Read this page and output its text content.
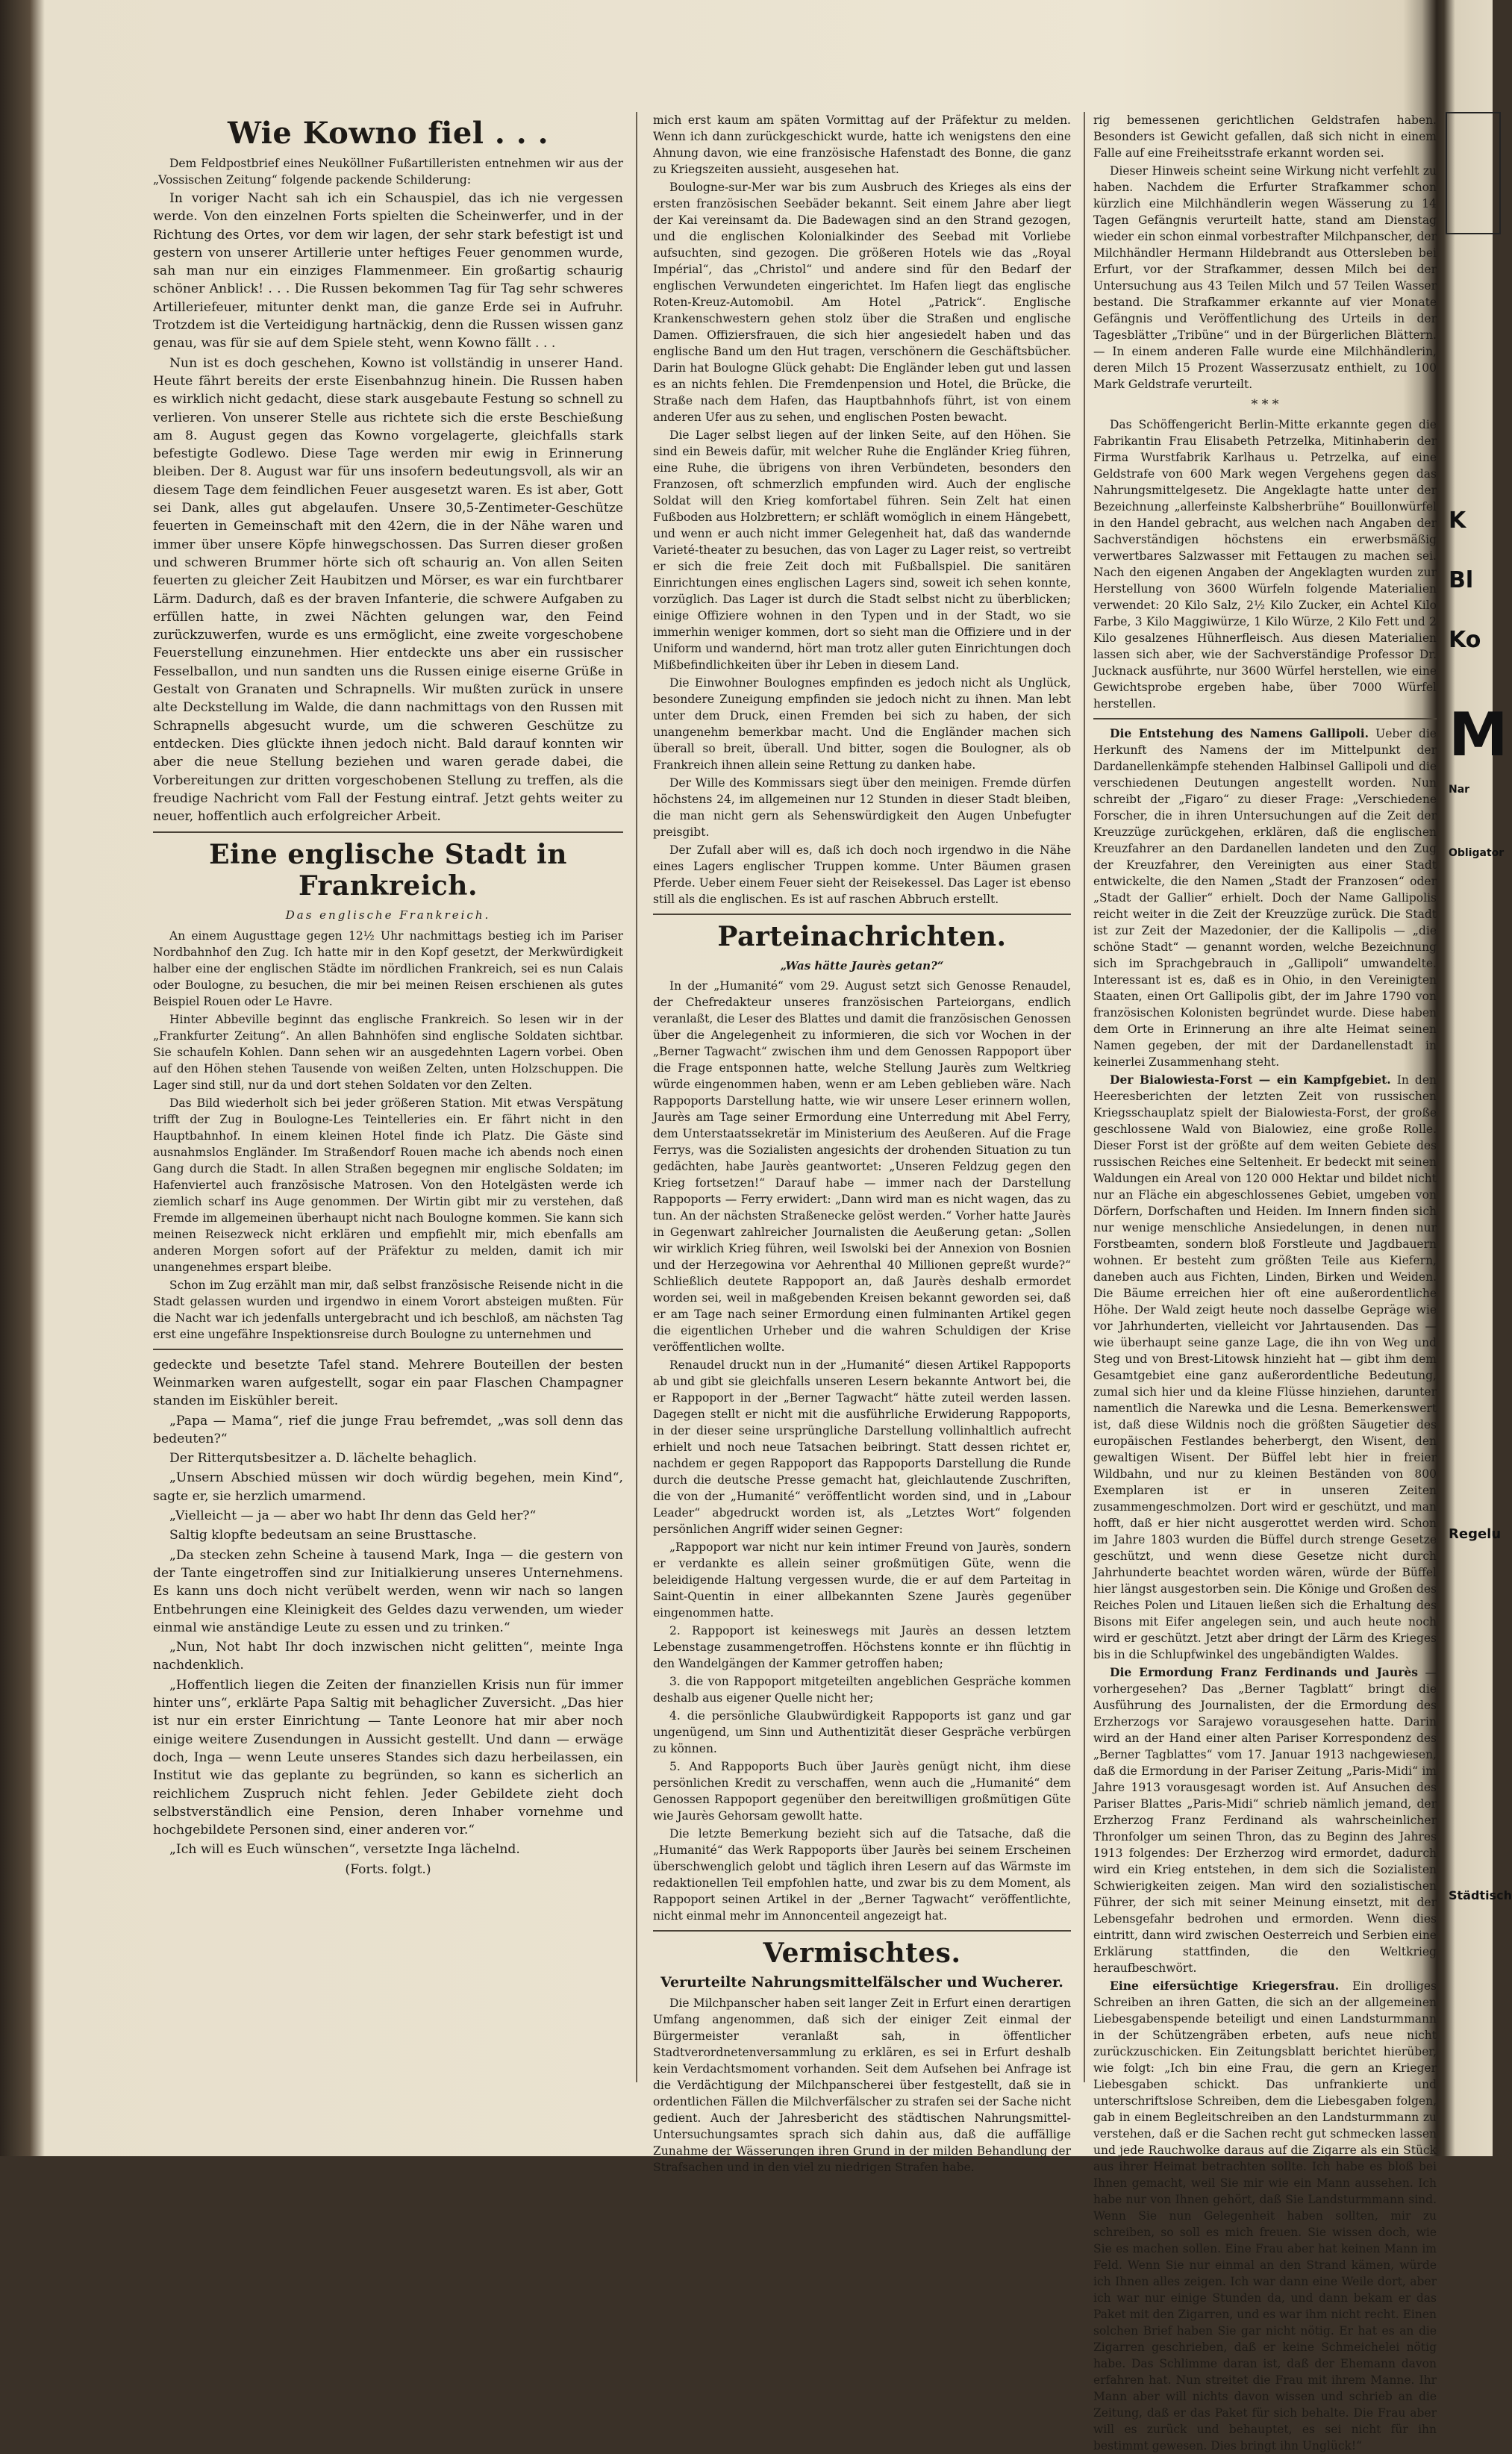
Wie Kowno fiel . . .

Dem Feldpostbrief eines Neuköllner Fußartilleristen entnehmen wir aus der „Vossischen Zeitung“ folgende packende Schilderung:

In voriger Nacht sah ich ein Schauspiel, das ich nie vergessen werde. Von den einzelnen Forts spielten die Scheinwerfer, und in der Richtung des Ortes, vor dem wir lagen, der sehr stark befestigt ist und gestern von unserer Artillerie unter heftiges Feuer genommen wurde, sah man nur ein einziges Flammenmeer. Ein großartig schaurig schöner Anblick! . . . Die Russen bekommen Tag für Tag sehr schweres Artilleriefeuer, mitunter denkt man, die ganze Erde sei in Aufruhr. Trotzdem ist die Verteidigung hartnäckig, denn die Russen wissen ganz genau, was für sie auf dem Spiele steht, wenn Kowno fällt . . .

Nun ist es doch geschehen, Kowno ist vollständig in unserer Hand. Heute fährt bereits der erste Eisenbahnzug hinein. Die Russen haben es wirklich nicht gedacht, diese stark ausgebaute Festung so schnell zu verlieren. Von unserer Stelle aus richtete sich die erste Beschießung am 8. August gegen das Kowno vorgelagerte, gleichfalls stark befestigte Godlewo. Diese Tage werden mir ewig in Erinnerung bleiben. Der 8. August war für uns insofern bedeutungsvoll, als wir an diesem Tage dem feindlichen Feuer ausgesetzt waren. Es ist aber, Gott sei Dank, alles gut abgelaufen. Unsere 30,5-Zentimeter-Geschütze feuerten in Gemeinschaft mit den 42ern, die in der Nähe waren und immer über unsere Köpfe hinwegschossen. Das Surren dieser großen und schweren Brummer hörte sich oft schaurig an. Von allen Seiten feuerten zu gleicher Zeit Haubitzen und Mörser, es war ein furchtbarer Lärm. Dadurch, daß es der braven Infanterie, die schwere Aufgaben zu erfüllen hatte, in zwei Nächten gelungen war, den Feind zurückzuwerfen, wurde es uns ermöglicht, eine zweite vorgeschobene Feuerstellung einzunehmen. Hier entdeckte uns aber ein russischer Fesselballon, und nun sandten uns die Russen einige eiserne Grüße in Gestalt von Granaten und Schrapnells. Wir mußten zurück in unsere alte Deckstellung im Walde, die dann nachmittags von den Russen mit Schrapnells abgesucht wurde, um die schweren Geschütze zu entdecken. Dies glückte ihnen jedoch nicht. Bald darauf konnten wir aber die neue Stellung beziehen und waren gerade dabei, die Vorbereitungen zur dritten vorgeschobenen Stellung zu treffen, als die freudige Nachricht vom Fall der Festung eintraf. Jetzt gehts weiter zu neuer, hoffentlich auch erfolgreicher Arbeit.

Eine englische Stadt in Frankreich.
Das englische Frankreich.

An einem Augusttage gegen 12½ Uhr nachmittags bestieg ich im Pariser Nordbahnhof den Zug. Ich hatte mir in den Kopf gesetzt, der Merkwürdigkeit halber eine der englischen Städte im nördlichen Frankreich, sei es nun Calais oder Boulogne, zu besuchen, die mir bei meinen Reisen erschienen als gutes Beispiel Rouen oder Le Havre.

Hinter Abbeville beginnt das englische Frankreich. So lesen wir in der „Frankfurter Zeitung“. An allen Bahnhöfen sind englische Soldaten sichtbar. Sie schaufeln Kohlen. Dann sehen wir an ausgedehnten Lagern vorbei. Oben auf den Höhen stehen Tausende von weißen Zelten, unten Holzschuppen. Die Lager sind still, nur da und dort stehen Soldaten vor den Zelten.

Das Bild wiederholt sich bei jeder größeren Station. Mit etwas Verspätung trifft der Zug in Boulogne-Les Teintelleries ein. Er fährt nicht in den Hauptbahnhof. In einem kleinen Hotel finde ich Platz. Die Gäste sind ausnahmslos Engländer. Im Straßendorf Rouen mache ich abends noch einen Gang durch die Stadt. In allen Straßen begegnen mir englische Soldaten; im Hafenviertel auch französische Matrosen. Von den Hotelgästen werde ich ziemlich scharf ins Auge genommen. Der Wirtin gibt mir zu verstehen, daß Fremde im allgemeinen überhaupt nicht nach Boulogne kommen. Sie kann sich meinen Reisezweck nicht erklären und empfiehlt mir, mich ebenfalls am anderen Morgen sofort auf der Präfektur zu melden, damit ich mir unangenehmes erspart bleibe.

Schon im Zug erzählt man mir, daß selbst französische Reisende nicht in die Stadt gelassen wurden und irgendwo in einem Vorort absteigen mußten. Für die Nacht war ich jedenfalls untergebracht und ich beschloß, am nächsten Tag erst eine ungefähre Inspektionsreise durch Boulogne zu unternehmen und

gedeckte und besetzte Tafel stand. Mehrere Bouteillen der besten Weinmarken waren aufgestellt, sogar ein paar Flaschen Champagner standen im Eiskühler bereit.

„Papa — Mama“, rief die junge Frau befremdet, „was soll denn das bedeuten?“

Der Ritterqutsbesitzer a. D. lächelte behaglich.

„Unsern Abschied müssen wir doch würdig begehen, mein Kind“, sagte er, sie herzlich umarmend.

„Vielleicht — ja — aber wo habt Ihr denn das Geld her?“

Saltig klopfte bedeutsam an seine Brusttasche.

„Da stecken zehn Scheine à tausend Mark, Inga — die gestern von der Tante eingetroffen sind zur Initialkierung unseres Unternehmens. Es kann uns doch nicht verübelt werden, wenn wir nach so langen Entbehrungen eine Kleinigkeit des Geldes dazu verwenden, um wieder einmal wie anständige Leute zu essen und zu trinken.“

„Nun, Not habt Ihr doch inzwischen nicht gelitten“, meinte Inga nachdenklich.

„Hoffentlich liegen die Zeiten der finanziellen Krisis nun für immer hinter uns“, erklärte Papa Saltig mit behaglicher Zuversicht. „Das hier ist nur ein erster Einrichtung — Tante Leonore hat mir aber noch einige weitere Zusendungen in Aussicht gestellt. Und dann — erwäge doch, Inga — wenn Leute unseres Standes sich dazu herbeilassen, ein Institut wie das geplante zu begründen, so kann es sicherlich an reichlichem Zuspruch nicht fehlen. Jeder Gebildete zieht doch selbstverständlich eine Pension, deren Inhaber vornehme und hochgebildete Personen sind, einer anderen vor.“

„Ich will es Euch wünschen“, versetzte Inga lächelnd.

(Forts. folgt.)

mich erst kaum am späten Vormittag auf der Präfektur zu melden. Wenn ich dann zurückgeschickt wurde, hatte ich wenigstens den eine Ahnung davon, wie eine französische Hafenstadt des Bonne, die ganz zu Kriegszeiten aussieht, ausgesehen hat.

Boulogne-sur-Mer war bis zum Ausbruch des Krieges als eins der ersten französischen Seebäder bekannt. Seit einem Jahre aber liegt der Kai vereinsamt da. Die Badewagen sind an den Strand gezogen, und die englischen Kolonialkinder des Seebad mit Vorliebe aufsuchten, sind gezogen. Die größeren Hotels wie das „Royal Impérial“, das „Christol“ und andere sind für den Bedarf der englischen Verwundeten eingerichtet. Im Hafen liegt das englische Roten-Kreuz-Automobil. Am Hotel „Patrick“. Englische Krankenschwestern gehen stolz über die Straßen und englische Damen. Offiziersfrauen, die sich hier angesiedelt haben und das englische Band um den Hut tragen, verschönern die Geschäftsbücher. Darin hat Boulogne Glück gehabt: Die Engländer leben gut und lassen es an nichts fehlen. Die Fremdenpension und Hotel, die Brücke, die Straße nach dem Hafen, das Hauptbahnhofs führt, ist von einem anderen Ufer aus zu sehen, und englischen Posten bewacht.

Die Lager selbst liegen auf der linken Seite, auf den Höhen. Sie sind ein Beweis dafür, mit welcher Ruhe die Engländer Krieg führen, eine Ruhe, die übrigens von ihren Verbündeten, besonders den Franzosen, oft schmerzlich empfunden wird. Auch der englische Soldat will den Krieg komfortabel führen. Sein Zelt hat einen Fußboden aus Holzbrettern; er schläft womöglich in einem Hängebett, und wenn er auch nicht immer Gelegenheit hat, daß das wandernde Varieté-theater zu besuchen, das von Lager zu Lager reist, so vertreibt er sich die freie Zeit doch mit Fußballspiel. Die sanitären Einrichtungen eines englischen Lagers sind, soweit ich sehen konnte, vorzüglich. Das Lager ist durch die Stadt selbst nicht zu überblicken; einige Offiziere wohnen in den Typen und in der Stadt, wo sie immerhin weniger kommen, dort so sieht man die Offiziere und in der Uniform und wandernd, hört man trotz aller guten Einrichtungen doch Mißbefindlichkeiten über ihr Leben in diesem Land.

Die Einwohner Boulognes empfinden es jedoch nicht als Unglück, besondere Zuneigung empfinden sie jedoch nicht zu ihnen. Man lebt unter dem Druck, einen Fremden bei sich zu haben, der sich unangenehm bemerkbar macht. Und die Engländer machen sich überall so breit, überall. Und bitter, sogen die Boulogner, als ob Frankreich ihnen allein seine Rettung zu danken habe.

Der Wille des Kommissars siegt über den meinigen. Fremde dürfen höchstens 24, im allgemeinen nur 12 Stunden in dieser Stadt bleiben, die man nicht gern als Sehenswürdigkeit den Augen Unbefugter preisgibt.

Der Zufall aber will es, daß ich doch noch irgendwo in die Nähe eines Lagers englischer Truppen komme. Unter Bäumen grasen Pferde. Ueber einem Feuer sieht der Reisekessel. Das Lager ist ebenso still als die englischen. Es ist auf raschen Abbruch erstellt.

Parteinachrichten.
„Was hätte Jaurès getan?“

In der „Humanité“ vom 29. August setzt sich Genosse Renaudel, der Chefredakteur unseres französischen Parteiorgans, endlich veranlaßt, die Leser des Blattes und damit die französischen Genossen über die Angelegenheit zu informieren, die sich vor Wochen in der „Berner Tagwacht“ zwischen ihm und dem Genossen Rappoport über die Frage entsponnen hatte, welche Stellung Jaurès zum Weltkrieg würde eingenommen haben, wenn er am Leben geblieben wäre. Nach Rappoports Darstellung hatte, wie wir unsere Leser erinnern wollen, Jaurès am Tage seiner Ermordung eine Unterredung mit Abel Ferry, dem Unterstaatssekretär im Ministerium des Aeußeren. Auf die Frage Ferrys, was die Sozialisten angesichts der drohenden Situation zu tun gedächten, habe Jaurès geantwortet: „Unseren Feldzug gegen den Krieg fortsetzen!“ Darauf habe — immer nach der Darstellung Rappoports — Ferry erwidert: „Dann wird man es nicht wagen, das zu tun. An der nächsten Straßenecke gelöst werden.“ Vorher hatte Jaurès in Gegenwart zahlreicher Journalisten die Aeußerung getan: „Sollen wir wirklich Krieg führen, weil Iswolski bei der Annexion von Bosnien und der Herzegowina vor Aehrenthal 40 Millionen gepreßt wurde?“ Schließlich deutete Rappoport an, daß Jaurès deshalb ermordet worden sei, weil in maßgebenden Kreisen bekannt geworden sei, daß er am Tage nach seiner Ermordung einen fulminanten Artikel gegen die eigentlichen Urheber und die wahren Schuldigen der Krise veröffentlichen wollte.

Renaudel druckt nun in der „Humanité“ diesen Artikel Rappoports ab und gibt sie gleichfalls unseren Lesern bekannte Antwort bei, die er Rappoport in der „Berner Tagwacht“ hätte zuteil werden lassen. Dagegen stellt er nicht mit die ausführliche Erwiderung Rappoports, in der dieser seine ursprüngliche Darstellung vollinhaltlich aufrecht erhielt und noch neue Tatsachen beibringt. Statt dessen richtet er, nachdem er gegen Rappoport das Rappoports Darstellung die Runde durch die deutsche Presse gemacht hat, gleichlautende Zuschriften, die von der „Humanité“ veröffentlicht worden sind, und in „Labour Leader“ abgedruckt worden ist, als „Letztes Wort“ folgenden persönlichen Angriff wider seinen Gegner:

„Rappoport war nicht nur kein intimer Freund von Jaurès, sondern er verdankte es allein seiner großmütigen Güte, wenn die beleidigende Haltung vergessen wurde, die er auf dem Parteitag in Saint-Quentin in einer allbekannten Szene Jaurès gegenüber eingenommen hatte.

2. Rappoport ist keineswegs mit Jaurès an dessen letztem Lebenstage zusammengetroffen. Höchstens konnte er ihn flüchtig in den Wandelgängen der Kammer getroffen haben;

3. die von Rappoport mitgeteilten angeblichen Gespräche kommen deshalb aus eigener Quelle nicht her;

4. die persönliche Glaubwürdigkeit Rappoports ist ganz und gar ungenügend, um Sinn und Authentizität dieser Gespräche verbürgen zu können.

5. And Rappoports Buch über Jaurès genügt nicht, ihm diese persönlichen Kredit zu verschaffen, wenn auch die „Humanité“ dem Genossen Rappoport gegenüber den bereitwilligen großmütigen Güte wie Jaurès Gehorsam gewollt hatte.

Die letzte Bemerkung bezieht sich auf die Tatsache, daß die „Humanité“ das Werk Rappoports über Jaurès bei seinem Erscheinen überschwenglich gelobt und täglich ihren Lesern auf das Wärmste im redaktionellen Teil empfohlen hatte, und zwar bis zu dem Moment, als Rappoport seinen Artikel in der „Berner Tagwacht“ veröffentlichte, nicht einmal mehr im Annoncenteil angezeigt hat.

Vermischtes.
Verurteilte Nahrungsmittelfälscher und Wucherer.

Die Milchpanscher haben seit langer Zeit in Erfurt einen derartigen Umfang angenommen, daß sich der einiger Zeit einmal der Bürgermeister veranlaßt sah, in öffentlicher Stadtverordnetenversammlung zu erklären, es sei in Erfurt deshalb kein Verdachtsmoment vorhanden. Seit dem Aufsehen bei Anfrage ist die Verdächtigung der Milchpanscherei über festgestellt, daß sie in ordentlichen Fällen die Milchverfälscher zu strafen sei der Sache nicht gedient. Auch der Jahresbericht des städtischen Nahrungsmittel-Untersuchungsamtes sprach sich dahin aus, daß die auffällige Zunahme der Wässerungen ihren Grund in der milden Behandlung der Strafsachen und in den viel zu niedrigen Strafen habe.

rig bemessenen gerichtlichen Geldstrafen haben. Besonders ist Gewicht gefallen, daß sich nicht in einem Falle auf eine Freiheitsstrafe erkannt worden sei.

Dieser Hinweis scheint seine Wirkung nicht verfehlt zu haben. Nachdem die Erfurter Strafkammer schon kürzlich eine Milchhändlerin wegen Wässerung zu 14 Tagen Gefängnis verurteilt hatte, stand am Dienstag wieder ein schon einmal vorbestrafter Milchpanscher, der Milchhändler Hermann Hildebrandt aus Ottersleben bei Erfurt, vor der Strafkammer, dessen Milch bei der Untersuchung aus 43 Teilen Milch und 57 Teilen Wasser bestand. Die Strafkammer erkannte auf vier Monate Gefängnis und Veröffentlichung des Urteils in der Tagesblätter „Tribüne“ und in der Bürgerlichen Blättern. — In einem anderen Falle wurde eine Milchhändlerin, deren Milch 15 Prozent Wasserzusatz enthielt, zu 100 Mark Geldstrafe verurteilt.

* * *

Das Schöffengericht Berlin-Mitte erkannte gegen die Fabrikantin Frau Elisabeth Petrzelka, Mitinhaberin der Firma Wurstfabrik Karlhaus u. Petrzelka, auf eine Geldstrafe von 600 Mark wegen Vergehens gegen das Nahrungsmittelgesetz. Die Angeklagte hatte unter der Bezeichnung „allerfeinste Kalbsherbrühe“ Bouillonwürfel in den Handel gebracht, aus welchen nach Angaben der Sachverständigen höchstens ein erwerbsmäßig verwertbares Salzwasser mit Fettaugen zu machen sei. Nach den eigenen Angaben der Angeklagten wurden zur Herstellung von 3600 Würfeln folgende Materialien verwendet: 20 Kilo Salz, 2½ Kilo Zucker, ein Achtel Kilo Farbe, 3 Kilo Maggiwürze, 1 Kilo Würze, 2 Kilo Fett und 2 Kilo gesalzenes Hühnerfleisch. Aus diesen Materialien lassen sich aber, wie der Sachverständige Professor Dr. Jucknack ausführte, nur 3600 Würfel herstellen, wie eine Gewichtsprobe ergeben habe, über 7000 Würfel herstellen.

Die Entstehung des Namens Gallipoli. Ueber die Herkunft des Namens der im Mittelpunkt der Dardanellenkämpfe stehenden Halbinsel Gallipoli und die verschiedenen Deutungen angestellt worden. Nun schreibt der „Figaro“ zu dieser Frage: „Verschiedene Forscher, die in ihren Untersuchungen auf die Zeit der Kreuzzüge zurückgehen, erklären, daß die englischen Kreuzfahrer an den Dardanellen landeten und den Zug der Kreuzfahrer, den Vereinigten aus einer Stadt entwickelte, die den Namen „Stadt der Franzosen“ oder „Stadt der Gallier“ erhielt. Doch der Name Gallipolis reicht weiter in die Zeit der Kreuzzüge zurück. Die Stadt ist zur Zeit der Mazedonier, der die Kallipolis — „die schöne Stadt“ — genannt worden, welche Bezeichnung sich im Sprachgebrauch in „Gallipoli“ umwandelte. Interessant ist es, daß es in Ohio, in den Vereinigten Staaten, einen Ort Gallipolis gibt, der im Jahre 1790 von französischen Kolonisten begründet wurde. Diese haben dem Orte in Erinnerung an ihre alte Heimat seinen Namen gegeben, der mit der Dardanellenstadt in keinerlei Zusammenhang steht.

Der Bialowiesta-Forst — ein Kampfgebiet. In den Heeresberichten der letzten Zeit von russischen Kriegsschauplatz spielt der Bialowiesta-Forst, der große geschlossene Wald von Bialowiez, eine große Rolle. Dieser Forst ist der größte auf dem weiten Gebiete des russischen Reiches eine Seltenheit. Er bedeckt mit seinen Waldungen ein Areal von 120 000 Hektar und bildet nicht nur an Fläche ein abgeschlossenes Gebiet, umgeben von Dörfern, Dorfschaften und Heiden. Im Innern finden sich nur wenige menschliche Ansiedelungen, in denen nur Forstbeamten, sondern bloß Forstleute und Jagdbauern wohnen. Er besteht zum größten Teile aus Kiefern, daneben auch aus Fichten, Linden, Birken und Weiden. Die Bäume erreichen hier oft eine außerordentliche Höhe. Der Wald zeigt heute noch dasselbe Gepräge wie vor Jahrhunderten, vielleicht vor Jahrtausenden. Das — wie überhaupt seine ganze Lage, die ihn von Weg und Steg und von Brest-Litowsk hinzieht hat — gibt ihm dem Gesamtgebiet eine ganz außerordentliche Bedeutung, zumal sich hier und da kleine Flüsse hinziehen, darunter namentlich die Narewka und die Lesna. Bemerkenswert ist, daß diese Wildnis noch die größten Säugetier des europäischen Festlandes beherbergt, den Wisent, den gewaltigen Wisent. Der Büffel lebt hier in freier Wildbahn, und nur zu kleinen Beständen von 800 Exemplaren ist er in unseren Zeiten zusammengeschmolzen. Dort wird er geschützt, und man hofft, daß er hier nicht ausgerottet werden wird. Schon im Jahre 1803 wurden die Büffel durch strenge Gesetze geschützt, und wenn diese Gesetze nicht durch Jahrhunderte beachtet worden wären, würde der Büffel hier längst ausgestorben sein. Die Könige und Großen des Reiches Polen und Litauen ließen sich die Erhaltung des Bisons mit Eifer angelegen sein, und auch heute noch wird er geschützt. Jetzt aber dringt der Lärm des Krieges bis in die Schlupfwinkel des ungebändigten Waldes.

Die Ermordung Franz Ferdinands und Jaurès — vorhergesehen? Das „Berner Tagblatt“ bringt die Ausführung des Journalisten, der die Ermordung des Erzherzogs vor Sarajewo vorausgesehen hatte. Darin wird an der Hand einer alten Pariser Korrespondenz des „Berner Tagblattes“ vom 17. Januar 1913 nachgewiesen, daß die Ermordung in der Pariser Zeitung „Paris-Midi“ im Jahre 1913 vorausgesagt worden ist. Auf Ansuchen des Pariser Blattes „Paris-Midi“ schrieb nämlich jemand, der Erzherzog Franz Ferdinand als wahrscheinlicher Thronfolger um seinen Thron, das zu Beginn des Jahres 1913 folgendes: Der Erzherzog wird ermordet, dadurch wird ein Krieg entstehen, in dem sich die Sozialisten Schwierigkeiten zeigen. Man wird den sozialistischen Führer, der sich mit seiner Meinung einsetzt, mit der Lebensgefahr bedrohen und ermorden. Wenn dies eintritt, dann wird zwischen Oesterreich und Serbien eine Erklärung stattfinden, die den Weltkrieg heraufbeschwört.

Eine eifersüchtige Kriegersfrau. Ein drolliges Schreiben an ihren Gatten, die sich an der allgemeinen Liebesgabenspende beteiligt und einen Landsturmmann in der Schützengräben erbeten, aufs neue nicht zurückzuschicken. Ein Zeitungsblatt berichtet hierüber, wie folgt: „Ich bin eine Frau, die gern an Krieger Liebesgaben schickt. Das unfrankierte und unterschriftslose Schreiben, dem die Liebesgaben folgen, gab in einem Begleitschreiben an den Landsturmmann zu verstehen, daß er die Sachen recht gut schmecken lassen und jede Rauchwolke daraus auf die Zigarre als ein Stück aus ihrer Heimat betrachten sollte. Ich habe es bloß bei Ihnen gemacht, weil Sie mir wie ein Mann aussehen. Ich habe nur von Ihnen gehört, daß Sie Landsturmmann sind. Wenn Sie nun Gelegenheit haben sollten, mir zu schreiben, so soll es mich freuen. Sie wissen doch, wie Sie es machen sollen. Eine Frau aber hat keinen Mann im Feld. Wenn Sie nur einmal an den Strand kämen, würde ich Ihnen alles zeigen. Ich war dann eine Weile dort, aber ich war nur einige Stunden da, und dann bekam er das Paket mit den Zigarren, und es war ihm nicht recht. Einen solchen Brief haben Sie gar nicht nötig. Er hat es an die Zigarren geschrieben, daß er keine Schmeichelei nötig habe. Das Schlimme daran ist, daß der Ehemann davon erfahren hat. Nun streitet die Frau mit ihrem Manne. Ihr Mann aber will nichts davon wissen und schrieb an die Zeitung, daß er das Paket für sich behalte. Die Frau aber will es zurück und behauptet, es sei nicht für ihn bestimmt gewesen. Dies bringt ihn Unglück!“

K
Bl
Ko
M
Nar
Obligator
Regelu
Städtisch
